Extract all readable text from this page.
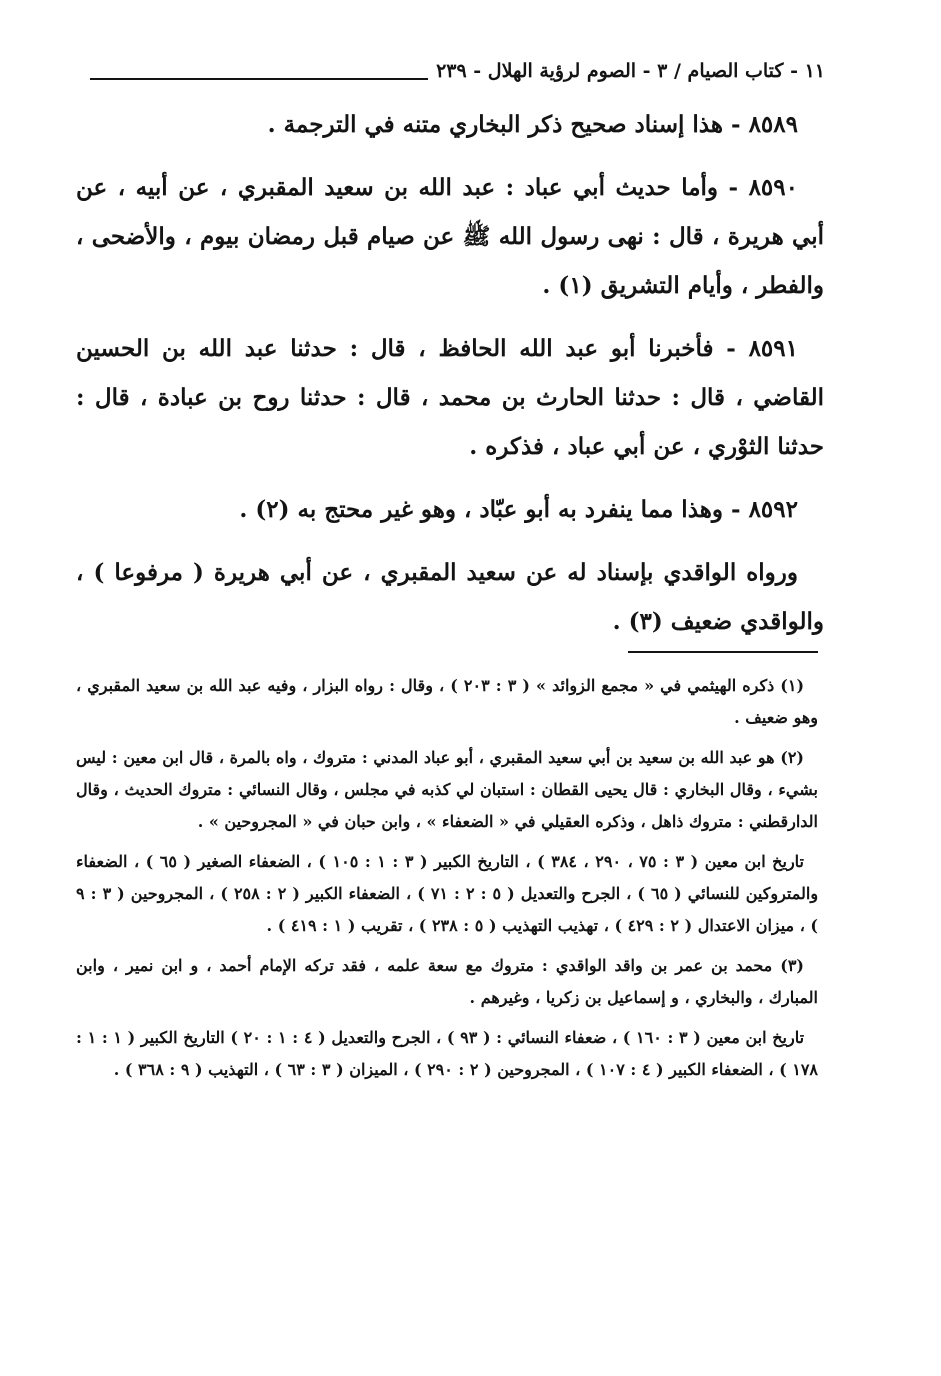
١١ - كتاب الصيام / ٣ - الصوم لرؤية الهلال - ٢٣٩

٨٥٨٩ - هذا إسناد صحيح ذكر البخاري متنه في الترجمة .

٨٥٩٠ - وأما حديث أبي عباد : عبد الله بن سعيد المقبري ، عن أبيه ، عن أبي هريرة ، قال : نهى رسول الله ﷺ عن صيام قبل رمضان بيوم ، والأضحى ، والفطر ، وأيام التشريق (١) .

٨٥٩١ - فأخبرنا أبو عبد الله الحافظ ، قال : حدثنا عبد الله بن الحسين القاضي ، قال : حدثنا الحارث بن محمد ، قال : حدثنا روح بن عبادة ، قال : حدثنا الثوْري ، عن أبي عباد ، فذكره .

٨٥٩٢ - وهذا مما ينفرد به أبو عبّاد ، وهو غير محتج به (٢) .

ورواه الواقدي بإسناد له عن سعيد المقبري ، عن أبي هريرة ( مرفوعا ) ، والواقدي ضعيف (٣) .

(١) ذكره الهيثمي في « مجمع الزوائد » ( ٣ : ٢٠٣ ) ، وقال : رواه البزار ، وفيه عبد الله بن سعيد المقبري ، وهو ضعيف .

(٢) هو عبد الله بن سعيد بن أبي سعيد المقبري ، أبو عباد المدني : متروك ، واه بالمرة ، قال ابن معين : ليس بشيء ، وقال البخاري : قال يحيى القطان : استبان لي كذبه في مجلس ، وقال النسائي : متروك الحديث ، وقال الدارقطني : متروك ذاهل ، وذكره العقيلي في « الضعفاء » ، وابن حبان في « المجروحين » .

تاريخ ابن معين ( ٣ : ٧٥ ، ٢٩٠ ، ٣٨٤ ) ، التاريخ الكبير ( ٣ : ١ : ١٠٥ ) ، الضعفاء الصغير ( ٦٥ ) ، الضعفاء والمتروكين للنسائي ( ٦٥ ) ، الجرح والتعديل ( ٥ : ٢ : ٧١ ) ، الضعفاء الكبير ( ٢ : ٢٥٨ ) ، المجروحين ( ٣ : ٩ ) ، ميزان الاعتدال ( ٢ : ٤٢٩ ) ، تهذيب التهذيب ( ٥ : ٢٣٨ ) ، تقريب ( ١ : ٤١٩ ) .

(٣) محمد بن عمر بن واقد الواقدي : متروك مع سعة علمه ، فقد تركه الإمام أحمد ، و ابن نمير ، وابن المبارك ، والبخاري ، و إسماعيل بن زكريا ، وغيرهم .

تاريخ ابن معين ( ٣ : ١٦٠ ) ، ضعفاء النسائي : ( ٩٣ ) ، الجرح والتعديل ( ٤ : ١ : ٢٠ ) التاريخ الكبير ( ١ : ١ : ١٧٨ ) ، الضعفاء الكبير ( ٤ : ١٠٧ ) ، المجروحين ( ٢ : ٢٩٠ ) ، الميزان ( ٣ : ٦٣ ) ، التهذيب ( ٩ : ٣٦٨ ) .
